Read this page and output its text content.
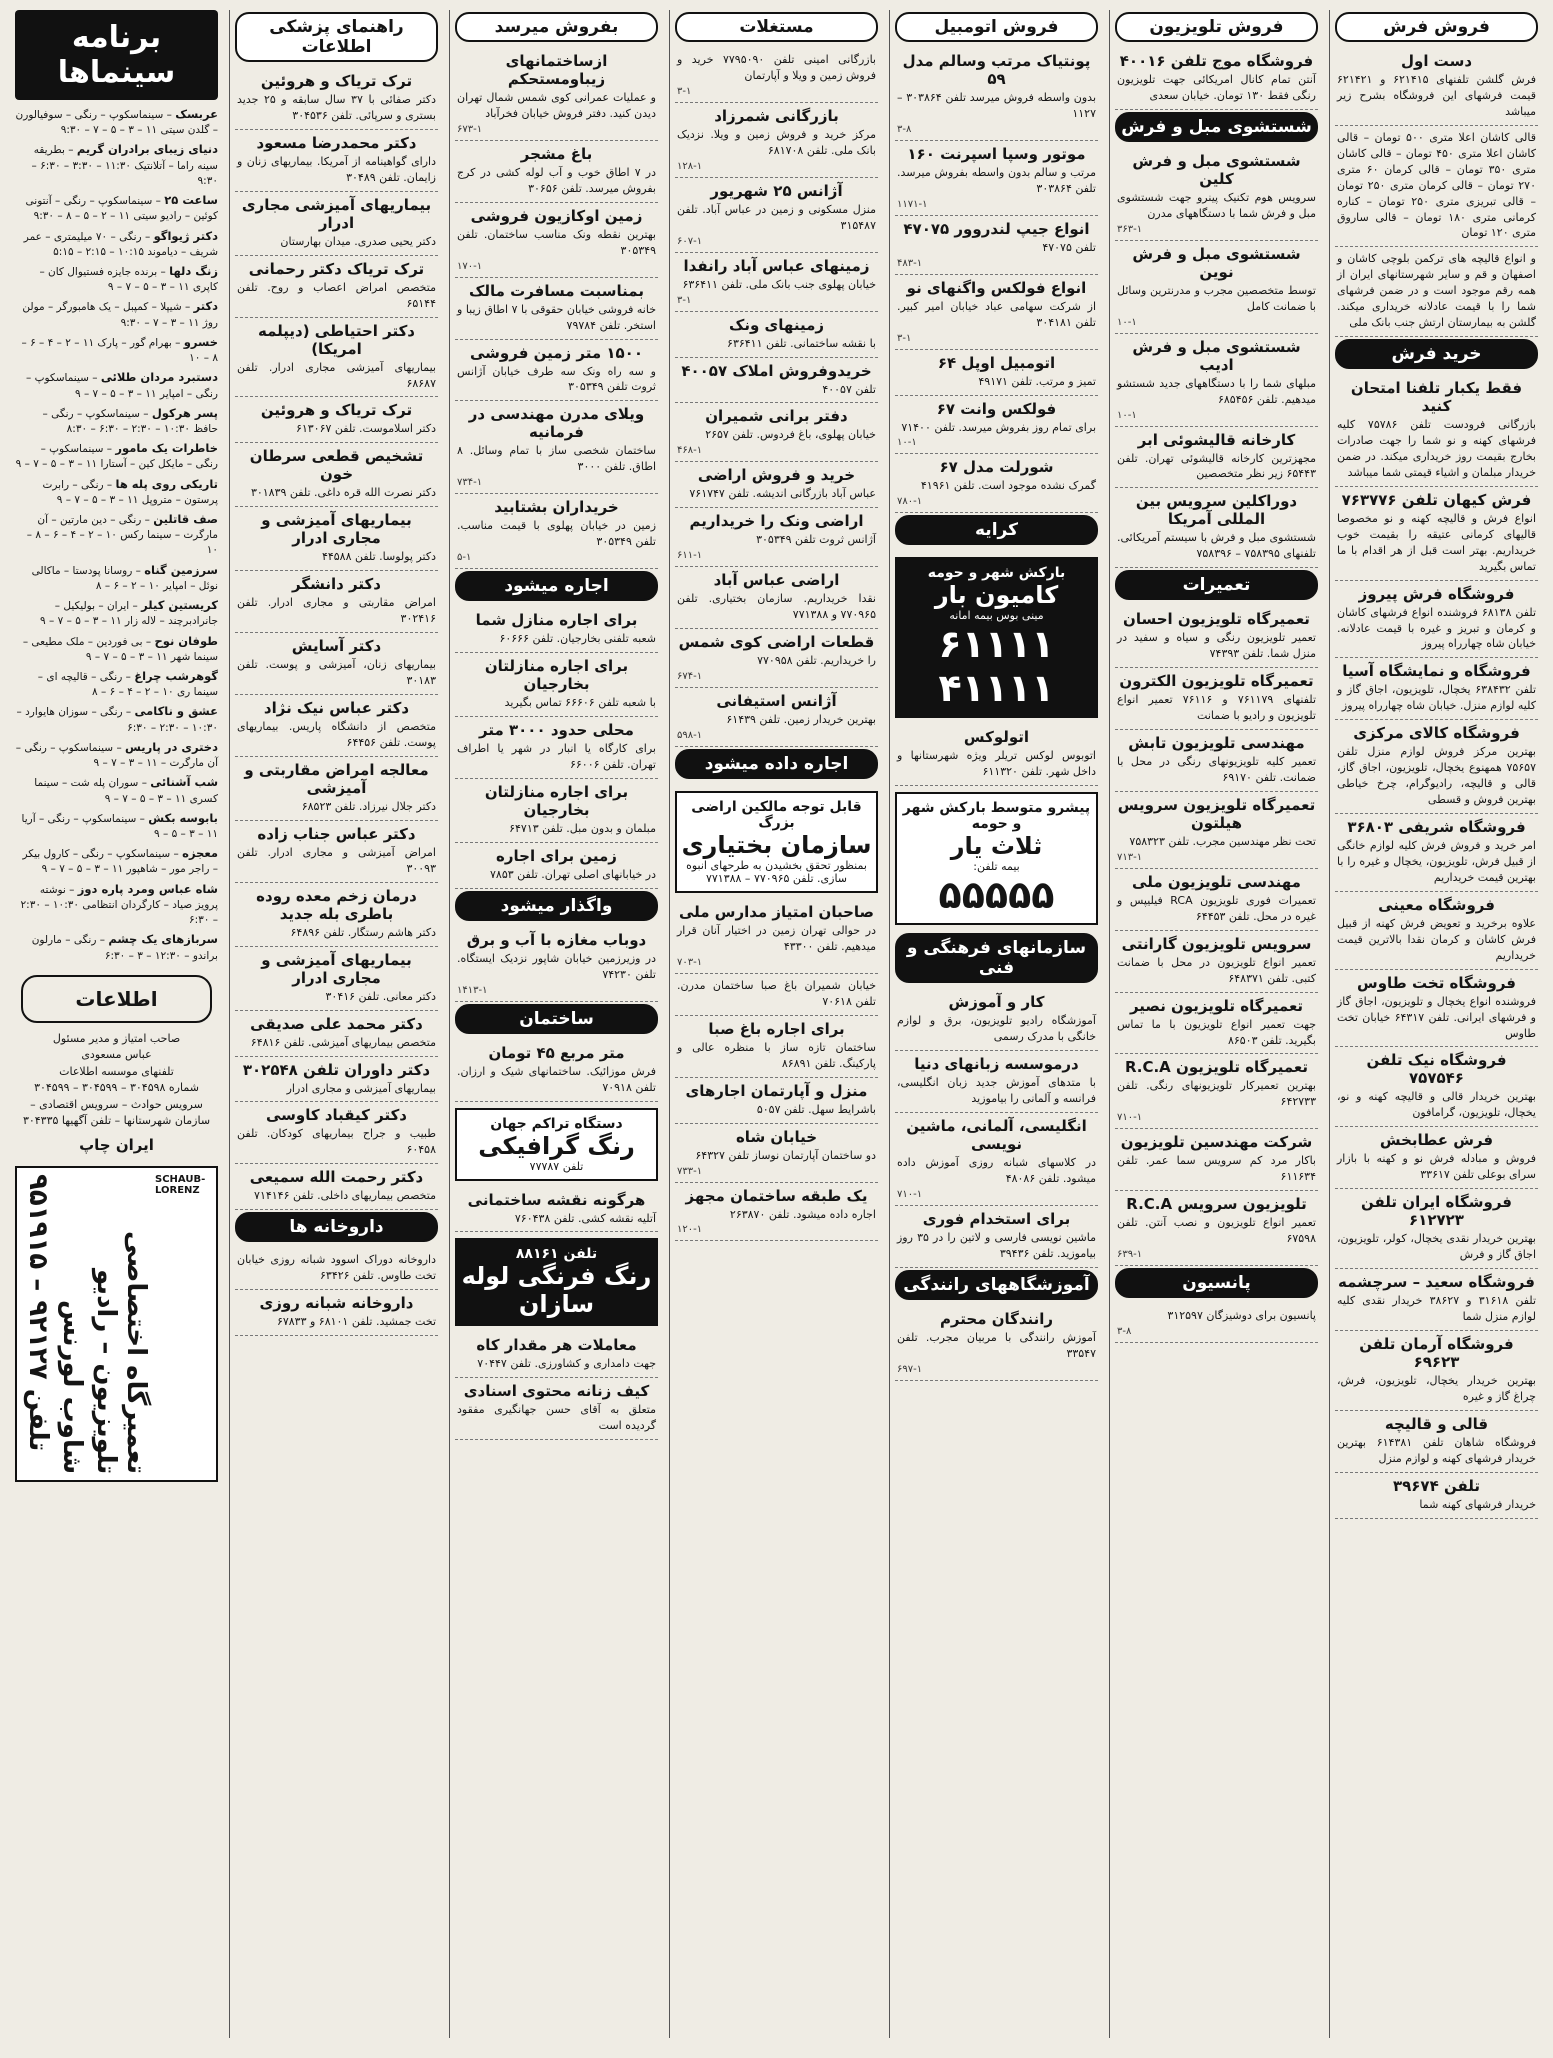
فروش فرش
دست اول

فرش گلشن تلفنهای ۶۲۱۴۱۵ و ۶۲۱۴۲۱ قیمت فرشهای این فروشگاه بشرح زیر میباشد

قالی کاشان اعلا متری ۵۰۰ تومان – قالی کاشان اعلا متری ۴۵۰ تومان – قالی کاشان متری ۳۵۰ تومان – قالی کرمان ۶۰ متری ۲۷۰ تومان – قالی کرمان متری ۲۵۰ تومان – قالی تبریزی متری ۲۵۰ تومان – کناره کرمانی متری ۱۸۰ تومان – قالی ساروق متری ۱۲۰ تومان

و انواع قالیچه های ترکمن بلوچی کاشان و اصفهان و قم و سایر شهرستانهای ایران از همه رقم موجود است و در ضمن فرشهای شما را با قیمت عادلانه خریداری میکند. گلشن به بیمارستان ارتش جنب بانک ملی

خرید فرش
فقط یکبار تلفنا امتحان کنید

بازرگانی فرودست تلفن ۷۵۷۸۶ کلیه فرشهای کهنه و نو شما را جهت صادرات بخارج بقیمت روز خریداری میکند. در ضمن خریدار مبلمان و اشیاء قیمتی شما میباشد

فرش کیهان تلفن ۷۶۳۷۷۶

انواع فرش و قالیچه کهنه و نو مخصوصا قالیهای کرمانی عتیقه را بقیمت خوب خریداریم. بهتر است قبل از هر اقدام با ما تماس بگیرید

فروشگاه فرش پیروز

تلفن ۶۸۱۳۸ فروشنده انواع فرشهای کاشان و کرمان و تبریز و غیره با قیمت عادلانه. خیابان شاه چهارراه پیروز

فروشگاه و نمایشگاه آسیا

تلفن ۶۳۸۴۳۲ یخچال، تلویزیون، اجاق گاز و کلیه لوازم منزل. خیابان شاه چهارراه پیروز

فروشگاه کالای مرکزی

بهترین مرکز فروش لوازم منزل تلفن ۷۵۶۵۷ همهنوع یخچال، تلویزیون، اجاق گاز، قالی و قالیچه، رادیوگرام، چرخ خیاطی بهترین فروش و قسطی

فروشگاه شریفی ۳۶۸۰۳

امر خرید و فروش فرش کلیه لوازم خانگی از قبیل فرش، تلویزیون، یخچال و غیره را با بهترین قیمت خریداریم

فروشگاه معینی

علاوه برخرید و تعویض فرش کهنه از قبیل فرش کاشان و کرمان نقدا بالاترین قیمت خریداریم

فروشگاه تخت طاوس

فروشنده انواع یخچال و تلویزیون، اجاق گاز و فرشهای ایرانی. تلفن ۶۴۳۱۷ خیابان تخت طاوس

فروشگاه نیک تلفن ۷۵۷۵۴۶

بهترین خریدار قالی و قالیچه کهنه و نو، یخچال، تلویزیون، گرامافون

فرش عطابخش

فروش و مبادله فرش نو و کهنه با بازار سرای بوعلی تلفن ۳۳۶۱۷

فروشگاه ایران تلفن ۶۱۲۷۲۳

بهترین خریدار نقدی یخچال، کولر، تلویزیون، اجاق گاز و فرش

فروشگاه سعید – سرچشمه

تلفن ۳۱۶۱۸ و ۳۸۶۲۷ خریدار نقدی کلیه لوازم منزل شما

فروشگاه آرمان تلفن ۶۹۶۲۳

بهترین خریدار یخچال، تلویزیون، فرش، چراغ گاز و غیره

قالی و قالیچه

فروشگاه شاهان تلفن ۶۱۴۳۸۱ بهترین خریدار فرشهای کهنه و لوازم منزل

تلفن ۳۹۶۷۴

خریدار فرشهای کهنه شما

فروش تلویزیون
فروشگاه موج تلفن ۴۰۰۱۶

آنتن تمام کانال امریکائی جهت تلویزیون رنگی فقط ۱۳۰ تومان. خیابان سعدی

شستشوی مبل و فرش
شستشوی مبل و فرش کلین

سرویس هوم تکنیک پینرو جهت شستشوی مبل و فرش شما با دستگاههای مدرن

۳۶۳-۱
شستشوی مبل و فرش نوین

توسط متخصصین مجرب و مدرنترین وسائل با ضمانت کامل

۱۰-۱
شستشوی مبل و فرش ادیب

مبلهای شما را با دستگاههای جدید شستشو میدهیم. تلفن ۶۸۵۴۵۶

۱۰-۱
کارخانه قالیشوئی ابر

مجهزترین کارخانه قالیشوئی تهران. تلفن ۶۵۴۴۳ زیر نظر متخصصین

دوراکلین سرویس بین المللی آمریکا

شستشوی مبل و فرش با سیستم آمریکائی. تلفنهای ۷۵۸۳۹۵ – ۷۵۸۳۹۶

تعمیرات
تعمیرگاه تلویزیون احسان

تعمیر تلویزیون رنگی و سیاه و سفید در منزل شما. تلفن ۷۴۳۹۳

تعمیرگاه تلویزیون الکترون

تلفنهای ۷۶۱۱۷۹ و ۷۶۱۱۶ تعمیر انواع تلویزیون و رادیو با ضمانت

مهندسی تلویزیون تابش

تعمیر کلیه تلویزیونهای رنگی در محل با ضمانت. تلفن ۶۹۱۷۰

تعمیرگاه تلویزیون سرویس هیلتون

تحت نظر مهندسین مجرب. تلفن ۷۵۸۳۲۳

۷۱۳-۱
مهندسی تلویزیون ملی

تعمیرات فوری تلویزیون RCA فیلیپس و غیره در محل. تلفن ۶۴۴۵۳

سرویس تلویزیون گارانتی

تعمیر انواع تلویزیون در محل با ضمانت کتبی. تلفن ۶۴۸۳۷۱

تعمیرگاه تلویزیون نصیر

جهت تعمیر انواع تلویزیون با ما تماس بگیرید. تلفن ۸۶۵۰۳

تعمیرگاه تلویزیون R.C.A

بهترین تعمیرکار تلویزیونهای رنگی. تلفن ۶۴۲۷۳۳

۷۱۰-۱
شرکت مهندسین تلویزیون

باکار مرد کم سرویس سما عمر. تلفن ۶۱۱۶۳۴

تلویزیون سرویس R.C.A

تعمیر انواع تلویزیون و نصب آنتن. تلفن ۶۷۵۹۸

۶۳۹-۱
پانسیون

پانسیون برای دوشیزگان ۳۱۲۵۹۷

۳-۸
فروش اتومبیل
پونتیاک مرتب وسالم مدل ۵۹

بدون واسطه فروش میرسد تلفن ۳۰۳۸۶۴ – ۱۱۲۷

۳-۸
موتور وسپا اسپرنت ۱۶۰

مرتب و سالم بدون واسطه بفروش میرسد. تلفن ۳۰۳۸۶۴

۱۱۷۱-۱
انواع جیپ لندروور ۴۷۰۷۵

تلفن ۴۷۰۷۵

۴۸۳-۱
انواع فولکس واگنهای نو

از شرکت سهامی عباد خیابان امیر کبیر. تلفن ۳۰۴۱۸۱

۳-۱
اتومبیل اوپل ۶۴

تمیز و مرتب. تلفن ۴۹۱۷۱

فولکس وانت ۶۷

برای تمام روز بفروش میرسد. تلفن ۷۱۴۰۰

۱۰-۱
شورلت مدل ۶۷

گمرک نشده موجود است. تلفن ۴۱۹۶۱

۷۸۰-۱
کرایه
بارکش شهر و حومه
کامیون بار
مینی بوس بیمه امانه
۶۱۱۱۱ ۴۱۱۱۱
اتولوکس

اتوبوس لوکس تریلر ویژه شهرستانها و داخل شهر. تلفن ۶۱۱۳۲۰

پیشرو متوسط بارکش شهر و حومه
ثلاث یار
بیمه تلفن:
۵۵۵۵۵
سازمانهای فرهنگی و فنی
کار و آموزش

آموزشگاه رادیو تلویزیون، برق و لوازم خانگی با مدرک رسمی

درموسسه زبانهای دنیا

با متدهای آموزش جدید زبان انگلیسی، فرانسه و آلمانی را بیاموزید

انگلیسی، آلمانی، ماشین نویسی

در کلاسهای شبانه روزی آموزش داده میشود. تلفن ۴۸۰۸۶

۷۱۰-۱
برای استخدام فوری

ماشین نویسی فارسی و لاتین را در ۳۵ روز بیاموزید. تلفن ۳۹۴۳۶

آموزشگاههای رانندگی
رانندگان محترم

آموزش رانندگی با مربیان مجرب. تلفن ۳۳۵۴۷

۶۹۷-۱
مستغلات

بازرگانی امینی تلفن ۷۷۹۵۰۹۰ خرید و فروش زمین و ویلا و آپارتمان

۳-۱
بازرگانی شمرزاد

مرکز خرید و فروش زمین و ویلا. نزدیک بانک ملی. تلفن ۶۸۱۷۰۸

۱۲۸-۱
آژانس ۲۵ شهریور

منزل مسکونی و زمین در عباس آباد. تلفن ۳۱۵۴۸۷

۶۰۷-۱
زمینهای عباس آباد رانفدا

خیابان پهلوی جنب بانک ملی. تلفن ۶۳۶۴۱۱

۳-۱
زمینهای ونک

با نقشه ساختمانی. تلفن ۶۳۶۴۱۱

خریدوفروش املاک ۴۰۰۵۷

تلفن ۴۰۰۵۷

دفتر برانی شمیران

خیابان پهلوی، باغ فردوس. تلفن ۲۶۵۷

۴۶۸-۱
خرید و فروش اراضی

عباس آباد بازرگانی اندیشه. تلفن ۷۶۱۷۴۷

اراضی ونک را خریداریم

آژانس ثروت تلفن ۳۰۵۳۴۹

۶۱۱-۱
اراضی عباس آباد

نقدا خریداریم. سازمان بختیاری. تلفن ۷۷۰۹۶۵ و ۷۷۱۳۸۸

قطعات اراضی کوی شمس

را خریداریم. تلفن ۷۷۰۹۵۸

۶۷۴-۱
آژانس استیفانی

بهترین خریدار زمین. تلفن ۶۱۴۳۹

۵۹۸-۱
اجاره داده میشود
قابل توجه مالکین اراضی بزرگ
سازمان بختیاری
بمنظور تحقق بخشیدن به طرحهای انبوه سازی. تلفن ۷۷۰۹۶۵ – ۷۷۱۳۸۸
صاحبان امتیاز مدارس ملی

در حوالی تهران زمین در اختیار آنان قرار میدهیم. تلفن ۴۳۳۰۰

۷۰۳-۱

خیابان شمیران باغ صبا ساختمان مدرن. تلفن ۷۰۶۱۸

برای اجاره باغ صبا

ساختمان تازه ساز با منظره عالی و پارکینگ. تلفن ۸۶۸۹۱

منزل و آپارتمان اجارهای

باشرایط سهل. تلفن ۵۰۵۷

خیابان شاه

دو ساختمان آپارتمان نوساز تلفن ۶۴۳۲۷

۷۳۳-۱
یک طبقه ساختمان مجهز

اجاره داده میشود. تلفن ۲۶۳۸۷۰

۱۲۰-۱
بفروش میرسد
ازساختمانهای زیباومستحکم

و عملیات عمرانی کوی شمس شمال تهران دیدن کنید. دفتر فروش خیابان فخرآباد

۶۷۳-۱
باغ مشجر

در ۷ اطاق خوب و آب لوله کشی در کرج بفروش میرسد. تلفن ۳۰۶۵۶

زمین اوکازیون فروشی

بهترین نقطه ونک مناسب ساختمان. تلفن ۳۰۵۳۴۹

۱۷۰-۱
بمناسبت مسافرت مالک

خانه فروشی خیابان حقوقی با ۷ اطاق زیبا و استخر. تلفن ۷۹۷۸۴

۱۵۰۰ متر زمین فروشی

و سه راه ونک سه طرف خیابان آژانس ثروت تلفن ۳۰۵۳۴۹

ویلای مدرن مهندسی در فرمانیه

ساختمان شخصی ساز با تمام وسائل. ۸ اطاق. تلفن ۳۰۰۰

۷۳۴-۱
خریداران بشتابید

زمین در خیابان پهلوی با قیمت مناسب. تلفن ۳۰۵۳۴۹

۵-۱
اجاره میشود
برای اجاره منازل شما

شعبه تلفنی بخارجیان. تلفن ۶۰۶۶۶

برای اجاره منازلتان بخارجیان

با شعبه تلفن ۶۶۶۰۶ تماس بگیرید

محلی حدود ۳۰۰۰ متر

برای کارگاه یا انبار در شهر یا اطراف تهران. تلفن ۶۶۰۰۶

برای اجاره منازلتان بخارجیان

مبلمان و بدون مبل. تلفن ۶۴۷۱۳

زمین برای اجاره

در خیابانهای اصلی تهران. تلفن ۷۸۵۳

واگذار میشود
دوباب مغازه با آب و برق

در وزیرزمین خیابان شاپور نزدیک ایستگاه. تلفن ۷۴۲۳۰

۱۴۱۳-۱
ساختمان
متر مربع ۴۵ تومان

فرش موزائیک. ساختمانهای شیک و ارزان. تلفن ۷۰۹۱۸

دستگاه تراکم جهان
رنگ گرافیکی
تلفن ۷۷۷۸۷
هرگونه نقشه ساختمانی

آتلیه نقشه کشی. تلفن ۷۶۰۴۳۸

تلفن ۸۸۱۶۱
رنگ فرنگی لوله سازان
معاملات هر مقدار کاه

جهت دامداری و کشاورزی. تلفن ۷۰۴۴۷

کیف زنانه محتوی اسنادی

متعلق به آقای حسن جهانگیری مفقود گردیده است

راهنمای پزشکی اطلاعات
ترک تریاک و هروئین

دکتر صفائی با ۳۷ سال سابقه و ۲۵ جدید بستری و سرپائی. تلفن ۳۰۴۵۳۶

دکتر محمدرضا مسعود

دارای گواهینامه از آمریکا. بیماریهای زنان و زایمان. تلفن ۳۰۴۸۹

بیماریهای آمیزشی مجاری ادرار

دکتر یحیی صدری. میدان بهارستان

ترک تریاک دکتر رحمانی

متخصص امراض اعصاب و روح. تلفن ۶۵۱۴۴

دکتر احتیاطی (دیپلمه امریکا)

بیماریهای آمیزشی مجاری ادرار. تلفن ۶۸۶۸۷

ترک تریاک و هروئین

دکتر اسلاموست. تلفن ۶۱۳۰۶۷

تشخیص قطعی سرطان خون

دکتر نصرت الله قره داغی. تلفن ۳۰۱۸۳۹

بیماریهای آمیزشی و مجاری ادرار

دکتر پولوسا. تلفن ۴۴۵۸۸

دکتر دانشگر

امراض مقاربتی و مجاری ادرار. تلفن ۳۰۲۴۱۶

دکتر آسایش

بیماریهای زنان، آمیزشی و پوست. تلفن ۳۰۱۸۳

دکتر عباس نیک نژاد

متخصص از دانشگاه پاریس. بیماریهای پوست. تلفن ۶۴۴۵۶

معالجه امراض مقاربتی و آمیزشی

دکتر جلال نیرزاد. تلفن ۶۸۵۲۳

دکتر عباس جناب زاده

امراض آمیزشی و مجاری ادرار. تلفن ۳۰۰۹۳

درمان زخم معده روده باطری بله جدید

دکتر هاشم رستگار. تلفن ۶۴۸۹۶

بیماریهای آمیزشی و مجاری ادرار

دکتر معانی. تلفن ۳۰۴۱۶

دکتر محمد علی صدیقی

متخصص بیماریهای آمیزشی. تلفن ۶۴۸۱۶

دکتر داوران تلفن ۳۰۲۵۴۸

بیماریهای آمیزشی و مجاری ادرار

دکتر کیقباد کاوسی

طبیب و جراح بیماریهای کودکان. تلفن ۶۰۴۵۸

دکتر رحمت الله سمیعی

متخصص بیماریهای داخلی. تلفن ۷۱۴۱۴۶

داروخانه ها

داروخانه دوراک اسوود شبانه روزی خیابان تخت طاوس. تلفن ۶۳۴۲۶

داروخانه شبانه روزی

تخت جمشید. تلفن ۶۸۱۰۱ و ۶۷۸۳۳

برنامه سینماها

عربسک – سینماسکوپ – رنگی – سوفیالورن – گلدن سیتی ۱۱ – ۳ – ۵ – ۷ – ۹:۳۰

دنیای زیبای برادران گریم – بطریقه سینه راما – آتلانتیک ۱۱:۳۰ – ۳:۳۰ – ۶:۳۰ – ۹:۳۰

ساعت ۲۵ – سینماسکوپ – رنگی – آنتونی کوئین – رادیو سیتی ۱۱ – ۲ – ۵ – ۸ – ۹:۳۰

دکتر ژیواگو – رنگی – ۷۰ میلیمتری – عمر شریف – دیاموند ۱۰:۱۵ – ۲:۱۵ – ۵:۱۵

زنگ دلها – برنده جایزه فستیوال کان – کاپری ۱۱ – ۳ – ۵ – ۷ – ۹

دکتر – شیپلا – کمپبل – یک هامبورگر – مولن روژ ۱۱ – ۳ – ۷ – ۹:۳۰

خسرو – بهرام گور – پارک ۱۱ – ۲ – ۴ – ۶ – ۸ – ۱۰

دستبرد مردان طلائی – سینماسکوپ – رنگی – امپایر ۱۱ – ۳ – ۵ – ۷ – ۹

پسر هرکول – سینماسکوپ – رنگی – حافظ ۱۰:۳۰ – ۲:۳۰ – ۶:۳۰ – ۸:۳۰

خاطرات یک مامور – سینماسکوپ – رنگی – مایکل کین – آستارا ۱۱ – ۳ – ۵ – ۷ – ۹

تاریکی روی پله ها – رنگی – رابرت پرستون – متروپل ۱۱ – ۳ – ۵ – ۷ – ۹

صف قاتلین – رنگی – دین مارتین – آن مارگرت – سینما رکس ۱۰ – ۲ – ۴ – ۶ – ۸ – ۱۰

سرزمین گناه – روسانا پودستا – ماکالی نوئل – امپایر ۱۰ – ۲ – ۶ – ۸

کریستین کیلر – ایران – بولیکیل – جانرادبرچند – لاله زار ۱۱ – ۳ – ۵ – ۷ – ۹

طوفان نوح – بی فوردین – ملک مطیعی – سینما شهر ۱۱ – ۳ – ۵ – ۷ – ۹

گوهرشب چراغ – رنگی – قالیچه ای – سینما ری ۱۰ – ۲ – ۴ – ۶ – ۸

عشق و ناکامی – رنگی – سوزان هایوارد – ۱۰:۳۰ – ۲:۳۰ – ۶:۳۰

دختری در پاریس – سینماسکوپ – رنگی – آن مارگرت – ۱۱ – ۳ – ۷ – ۹

شب آشنائی – سوران پله شت – سینما کسری ۱۱ – ۳ – ۵ – ۷ – ۹

بابوسه بکش – سینماسکوپ – رنگی – آریا ۱۱ – ۳ – ۵ – ۹

معجزه – سینماسکوپ – رنگی – کارول بیکر – راجر مور – شاهپور ۱۱ – ۳ – ۵ – ۷ – ۹

شاه عباس ومرد پاره دوز – نوشته پرویز صیاد – کارگردان انتظامی ۱۰:۳۰ – ۲:۳۰ – ۶:۳۰

سربازهای یک چشم – رنگی – مارلون براندو – ۱۲:۳۰ – ۳ – ۶:۳۰

اطلاعات
صاحب امتیاز و مدیر مسئول
عباس مسعودی
تلفنهای موسسه اطلاعات
شماره ۳۰۴۵۹۸ – ۳۰۴۵۹۹ – ۳۰۴۵۹۹
سرویس حوادث – سرویس اقتصادی – سازمان شهرستانها – تلفن آگهیها ۳۰۴۳۳۵
ایران چاپ
SCHAUB-LORENZ
تعمیرگاه اختصاصی تلویزیون – رادیو
شاوب لورنس
تلفن ۹۲۱۲۷ – ۹۵۱۹۱۵
